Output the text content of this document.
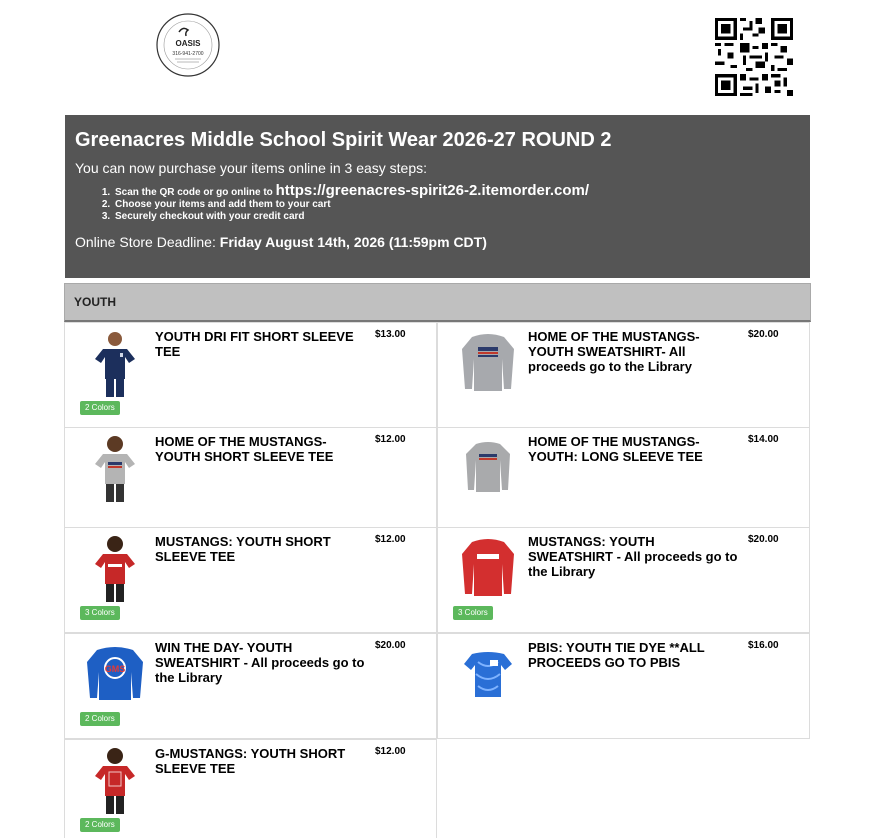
OASIS
316-941-2700
Greenacres Middle School Spirit Wear 2026-27 ROUND 2
You can now purchase your items online in 3 easy steps:
1. Scan the QR code or go online to https://greenacres-spirit26-2.itemorder.com/
2. Choose your items and add them to your cart
3. Securely checkout with your credit card
Online Store Deadline: Friday August 14th, 2026 (11:59pm CDT)
YOUTH
YOUTH DRI FIT SHORT SLEEVE TEE
$13.00
2 Colors
HOME OF THE MUSTANGS-YOUTH SWEATSHIRT- All proceeds go to the Library
$20.00
HOME OF THE MUSTANGS-YOUTH SHORT SLEEVE TEE
$12.00	HOME OF THE MUSTANGS-YOUTH: LONG SLEEVE TEE
$14.00
MUSTANGS: YOUTH SHORT SLEEVE TEE
$12.00
3 Colors
MUSTANGS: YOUTH SWEATSHIRT - All proceeds go to the Library
$20.00
3 Colors
GMS
WIN THE DAY- YOUTH SWEATSHIRT - All proceeds go to the Library
$20.00
2 Colors
PBIS: YOUTH TIE DYE **ALL PROCEEDS GO TO PBIS
$16.00
G-MUSTANGS: YOUTH SHORT SLEEVE TEE
$12.00
2 Colors
